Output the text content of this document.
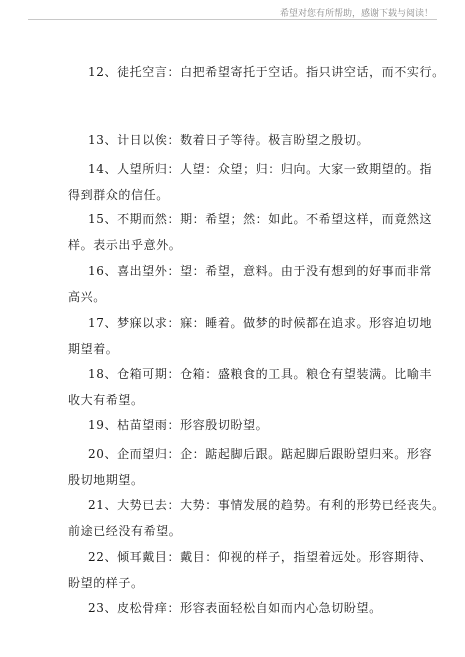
希望对您有所帮助，感谢下载与阅读！

12、徒托空言：白把希望寄托于空话。指只讲空话，而不实行。

13、计日以俟：数着日子等待。极言盼望之殷切。

14、人望所归：人望：众望；归：归向。大家一致期望的。指
得到群众的信任。

15、不期而然：期：希望；然：如此。不希望这样，而竟然这
样。表示出乎意外。

16、喜出望外：望：希望，意料。由于没有想到的好事而非常
高兴。

17、梦寐以求：寐：睡着。做梦的时候都在追求。形容迫切地
期望着。

18、仓箱可期：仓箱：盛粮食的工具。粮仓有望装满。比喻丰
收大有希望。

19、枯苗望雨：形容殷切盼望。

20、企而望归：企：踮起脚后跟。踮起脚后跟盼望归来。形容
殷切地期望。

21、大势已去：大势：事情发展的趋势。有利的形势已经丧失。
前途已经没有希望。

22、倾耳戴目：戴目：仰视的样子，指望着远处。形容期待、
盼望的样子。

23、皮松骨痒：形容表面轻松自如而内心急切盼望。
